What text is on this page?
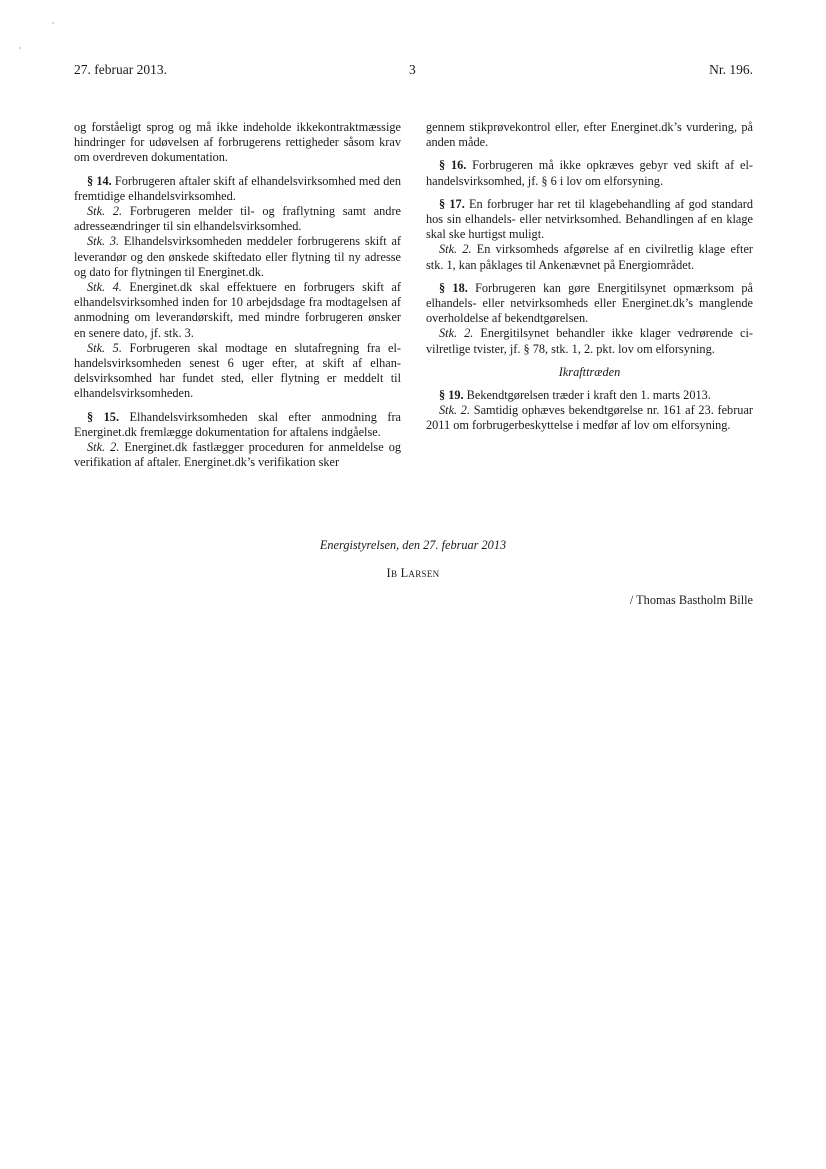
27. februar 2013.	3	Nr. 196.

og forståeligt sprog og må ikke indeholde ikkekontraktmæssige hindringer for udøvelsen af forbrugerens rettigheder såsom krav om overdreven dokumentation.

§ 14. Forbrugeren aftaler skift af elhandelsvirksomhed med den fremtidige elhandelsvirksomhed.

Stk. 2. Forbrugeren melder til- og fraflytning samt andre adresseændringer til sin elhandelsvirksomhed.

Stk. 3. Elhandelsvirksomheden meddeler forbrugerens skift af leverandør og den ønskede skiftedato eller flytning til ny adresse og dato for flytningen til Energinet.dk.

Stk. 4. Energinet.dk skal effektuere en forbrugers skift af elhandelsvirksomhed inden for 10 arbejdsdage fra modtagelsen af anmodning om leverandørskift, med mindre forbrugeren ønsker en senere dato, jf. stk. 3.

Stk. 5. Forbrugeren skal modtage en slutafregning fra elhandelsvirksomheden senest 6 uger efter, at skift af elhandelsvirksomhed har fundet sted, eller flytning er meddelt til elhandelsvirksomheden.

§ 15. Elhandelsvirksomheden skal efter anmodning fra Energinet.dk fremlægge dokumentation for aftalens indgåelse.

Stk. 2. Energinet.dk fastlægger proceduren for anmeldelse og verifikation af aftaler. Energinet.dk’s verifikation sker

gennem stikprøvekontrol eller, efter Energinet.dk’s vurdering, på anden måde.

§ 16. Forbrugeren må ikke opkræves gebyr ved skift af elhandelsvirksomhed, jf. § 6 i lov om elforsyning.

§ 17. En forbruger har ret til klagebehandling af god standard hos sin elhandels- eller netvirksomhed. Behandlingen af en klage skal ske hurtigst muligt.

Stk. 2. En virksomheds afgørelse af en civilretlig klage efter stk. 1, kan påklages til Ankenævnet på Energiområdet.

§ 18. Forbrugeren kan gøre Energitilsynet opmærksom på elhandels- eller netvirksomheds eller Energinet.dk’s manglende overholdelse af bekendtgørelsen.

Stk. 2. Energitilsynet behandler ikke klager vedrørende civilretlige tvister, jf. § 78, stk. 1, 2. pkt. lov om elforsyning.

Ikrafttræden

§ 19. Bekendtgørelsen træder i kraft den 1. marts 2013.

Stk. 2. Samtidig ophæves bekendtgørelse nr. 161 af 23. februar 2011 om forbrugerbeskyttelse i medfør af lov om elforsyning.

Energistyrelsen, den 27. februar 2013
Ib Larsen
/ Thomas Bastholm Bille
